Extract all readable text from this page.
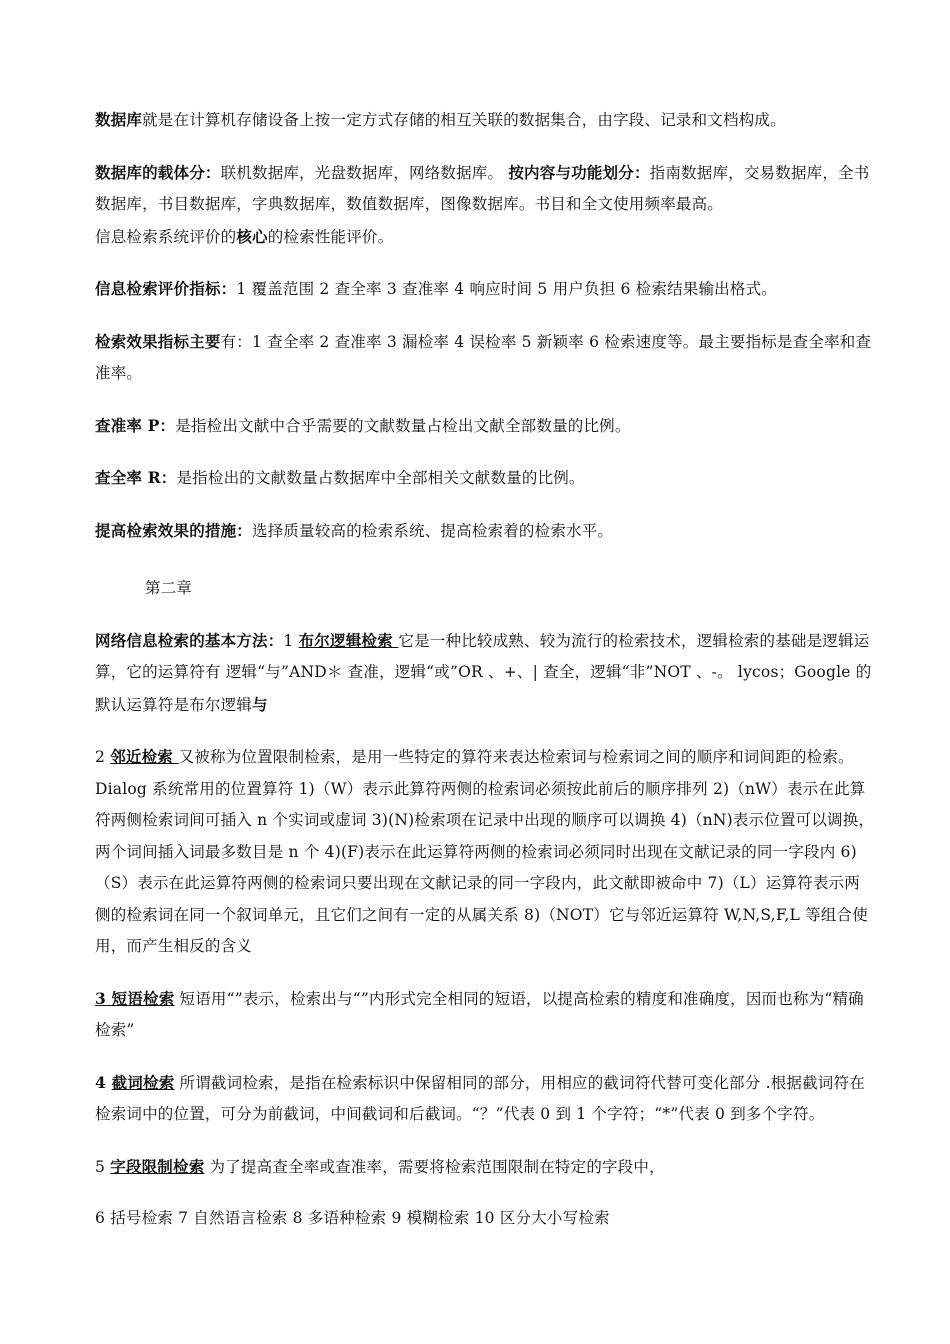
数据库就是在计算机存储设备上按一定方式存储的相互关联的数据集合，由字段、记录和文档构成。

数据库的载体分：联机数据库，光盘数据库，网络数据库。 按内容与功能划分：指南数据库，交易数据库，全书数据库，书目数据库，字典数据库，数值数据库，图像数据库。书目和全文使用频率最高。

信息检索系统评价的核心的检索性能评价。

信息检索评价指标：1 覆盖范围 2 查全率 3 查准率 4 响应时间 5 用户负担 6 检索结果输出格式。

检索效果指标主要有：1 查全率 2 查准率 3 漏检率 4 误检率 5 新颖率 6 检索速度等。最主要指标是查全率和查准率。

查准率 P：是指检出文献中合乎需要的文献数量占检出文献全部数量的比例。

查全率 R：是指检出的文献数量占数据库中全部相关文献数量的比例。

提高检索效果的措施：选择质量较高的检索系统、提高检索着的检索水平。

第二章

网络信息检索的基本方法：1 布尔逻辑检索 它是一种比较成熟、较为流行的检索技术，逻辑检索的基础是逻辑运算，它的运算符有 逻辑“与”AND＊ 查准，逻辑“或”OR 、+、| 查全，逻辑“非”NOT 、-。 lycos；Google 的默认运算符是布尔逻辑与

2 邻近检索 又被称为位置限制检索，是用一些特定的算符来表达检索词与检索词之间的顺序和词间距的检索。Dialog 系统常用的位置算符 1)（W）表示此算符两侧的检索词必须按此前后的顺序排列 2)（nW）表示在此算符两侧检索词间可插入 n 个实词或虚词 3)(N)检索项在记录中出现的顺序可以调换 4)（nN)表示位置可以调换，两个词间插入词最多数目是 n 个 4)(F)表示在此运算符两侧的检索词必须同时出现在文献记录的同一字段内 6)（S）表示在此运算符两侧的检索词只要出现在文献记录的同一字段内，此文献即被命中 7)（L）运算符表示两侧的检索词在同一个叙词单元，且它们之间有一定的从属关系 8)（NOT）它与邻近运算符 W,N,S,F,L 等组合使用，而产生相反的含义

3 短语检索 短语用“”表示，检索出与“”内形式完全相同的短语，以提高检索的精度和准确度，因而也称为“精确检索”

4 截词检索 所谓截词检索，是指在检索标识中保留相同的部分，用相应的截词符代替可变化部分 .根据截词符在检索词中的位置，可分为前截词，中间截词和后截词。“？”代表 0 到 1 个字符；“*”代表 0 到多个字符。

5 字段限制检索 为了提高查全率或查准率，需要将检索范围限制在特定的字段中，

6 括号检索 7 自然语言检索 8 多语种检索 9 模糊检索 10 区分大小写检索
